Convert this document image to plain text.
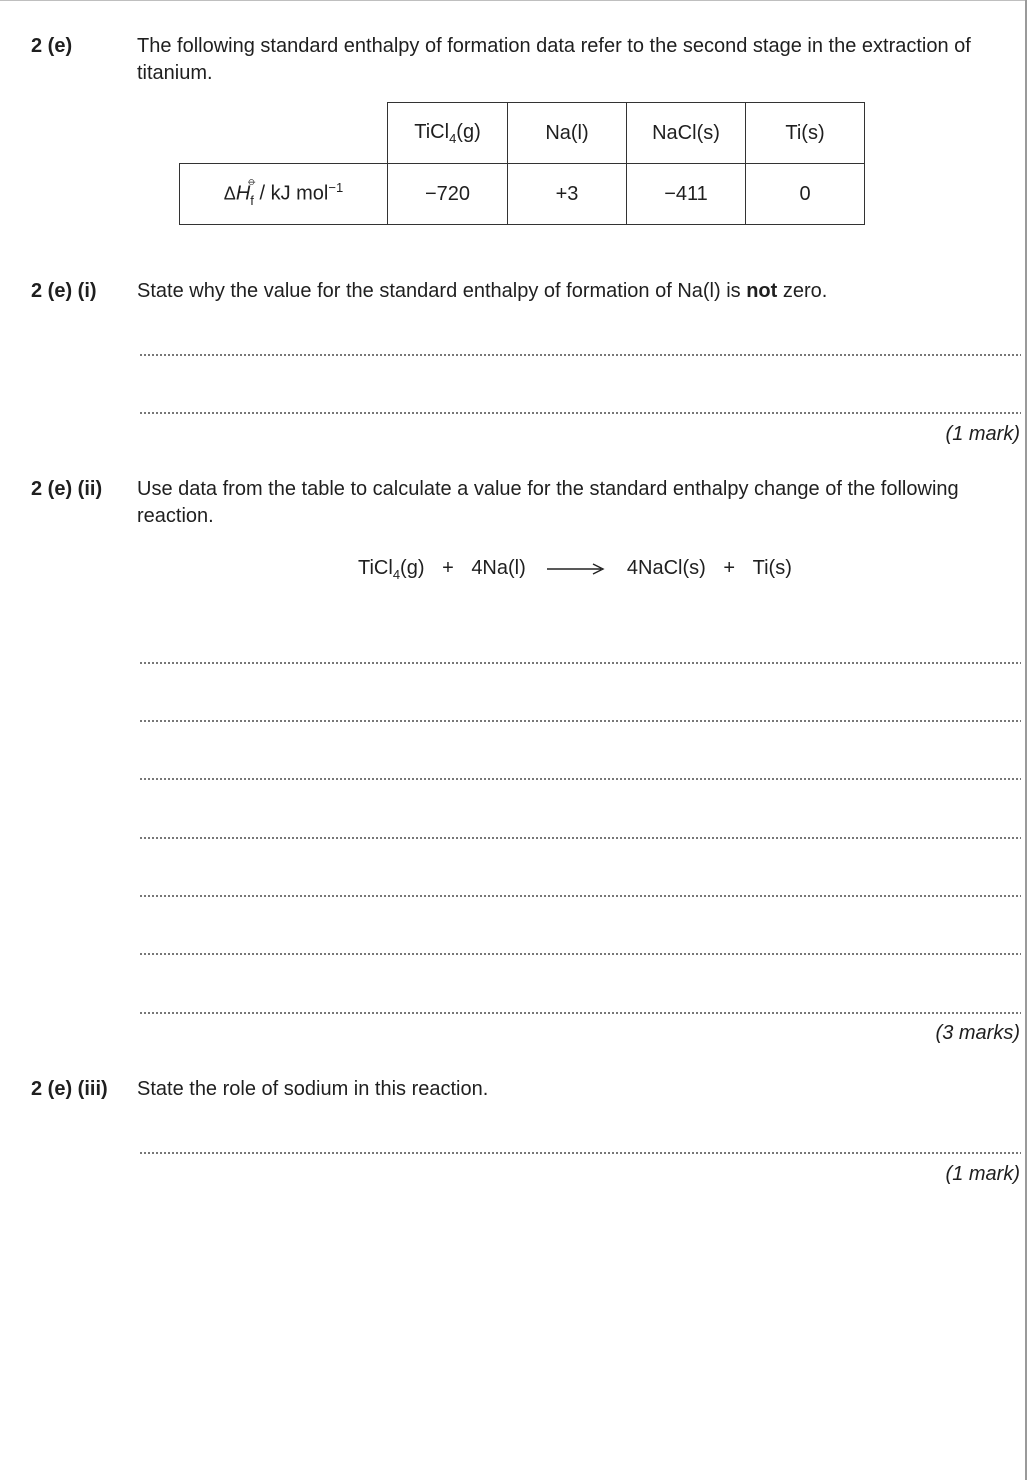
2 (e)	The following standard enthalpy of formation data refer to the second stage in the extraction of titanium.
	TiCl$_4$(g)	Na(l)	NaCl(s)	Ti(s)
$\Delta H_f$
⦵
/ kJ mol$^{-1}$	−720	+3	−411	0
2 (e) (i) State why the value for the standard enthalpy of formation of Na(l) is not zero.
(1 mark)
2 (e) (ii) Use data from the table to calculate a value for the standard enthalpy change of the following reaction.
TiCl$_4$(g) + 4Na(l) → 4NaCl(s) + Ti(s)
(3 marks)
2 (e) (iii) State the role of sodium in this reaction.
(1 mark)
